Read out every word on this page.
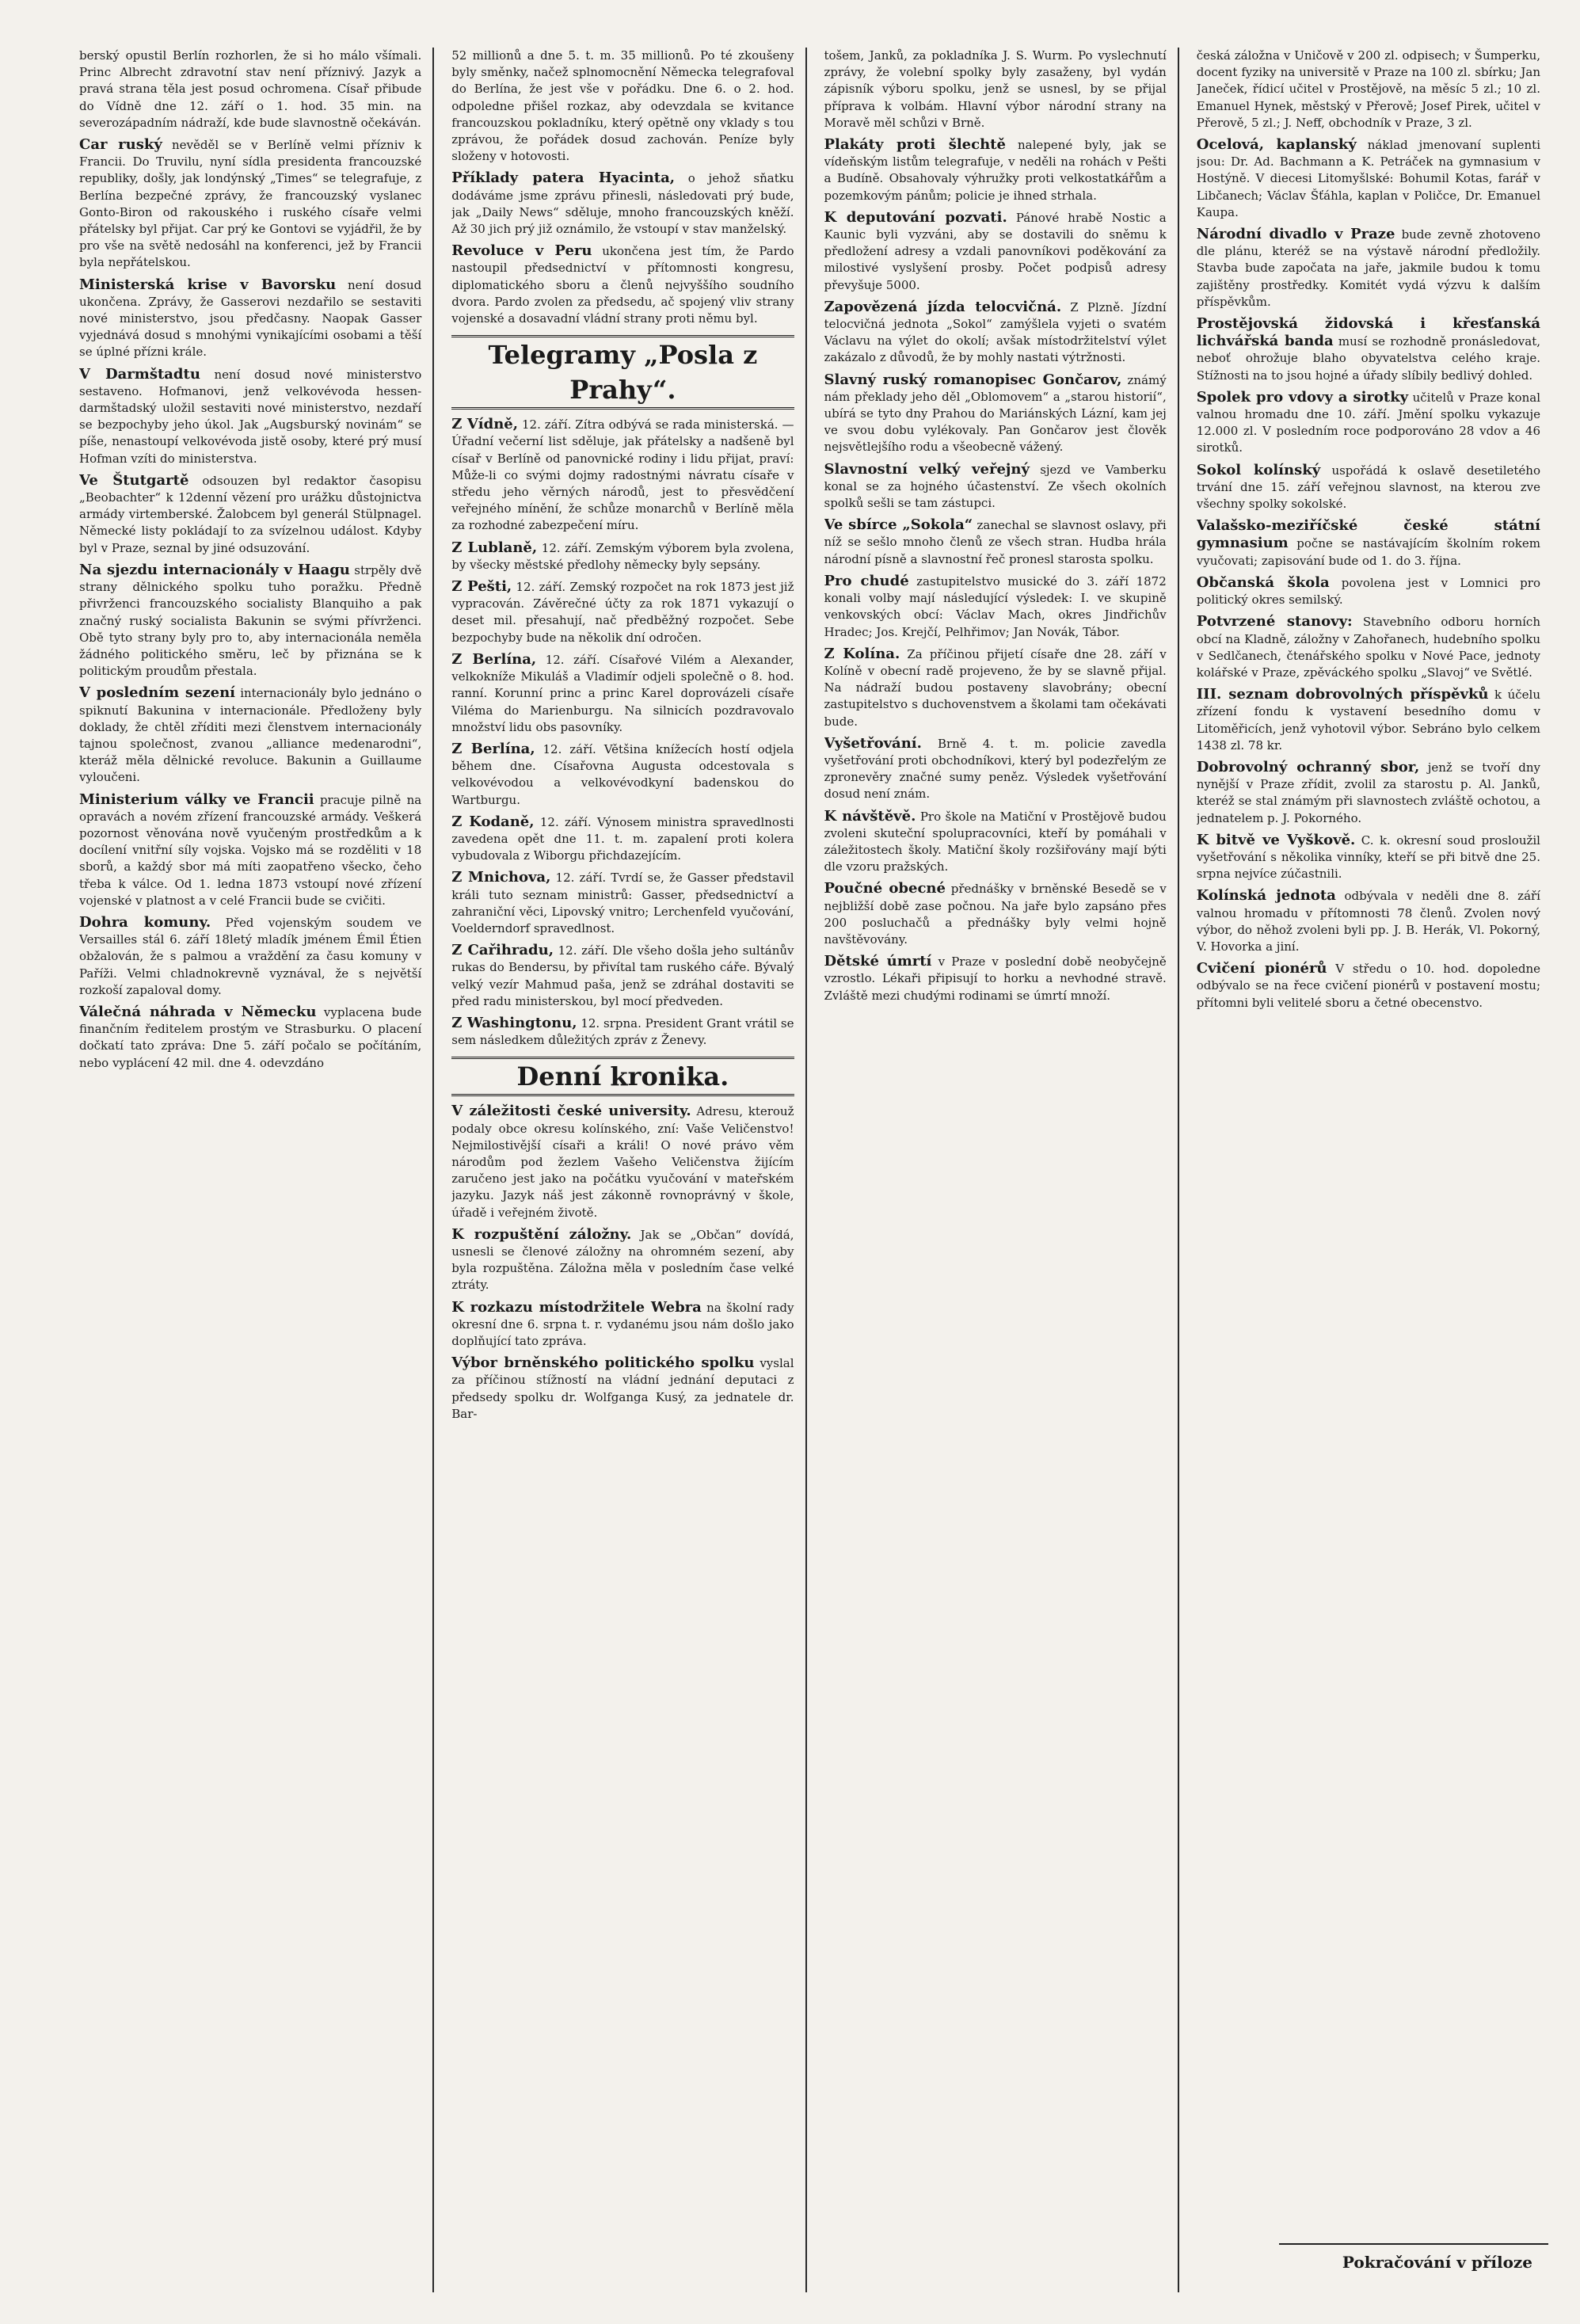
berský opustil Berlín rozhorlen, že si ho málo všímali. Princ Albrecht zdravotní stav není příznivý. Jazyk a pravá strana těla jest posud ochromena. Císař přibude do Vídně dne 12. září o 1. hod. 35 min. na severozápadním nádraží, kde bude slavnostně očekáván.

Car ruský nevěděl se v Berlíně velmi přízniv k Francii. Do Truvilu, nyní sídla presidenta francouzské republiky, došly, jak londýnský „Times“ se telegrafuje, z Berlína bezpečné zprávy, že francouzský vyslanec Gonto-Biron od rakouského i ruského císaře velmi přátelsky byl přijat. Car prý ke Gontovi se vyjádřil, že by pro vše na světě nedosáhl na konferenci, jež by Francii byla nepřátelskou.

Ministerská krise v Bavorsku není dosud ukončena. Zprávy, že Gasserovi nezdařilo se sestaviti nové ministerstvo, jsou předčasny. Naopak Gasser vyjednává dosud s mnohými vynikajícími osobami a těší se úplné přízni krále.

V Darmštadtu není dosud nové ministerstvo sestaveno. Hofmanovi, jenž velkovévoda hessen-darmštadský uložil sestaviti nové ministerstvo, nezdaří se bezpochyby jeho úkol. Jak „Augsburský novinám“ se píše, nenastoupí velkovévoda jistě osoby, které prý musí Hofman vzíti do ministerstva.

Ve Štutgartě odsouzen byl redaktor časopisu „Beobachter“ k 12denní vězení pro urážku důstojnictva armády virtemberské. Žalobcem byl generál Stülpnagel. Německé listy pokládají to za svízelnou událost. Kdyby byl v Praze, seznal by jiné odsuzování.

Na sjezdu internacionály v Haagu strpěly dvě strany dělnického spolku tuho poražku. Předně přivrženci francouzského socialisty Blanquiho a pak značný ruský socialista Bakunin se svými přívrženci. Obě tyto strany byly pro to, aby internacionála neměla žádného politického směru, leč by přiznána se k politickým proudům přestala.

V posledním sezení internacionály bylo jednáno o spiknutí Bakunina v internacionále. Předloženy byly doklady, že chtěl zříditi mezi členstvem internacionály tajnou společnost, zvanou „alliance medenarodni“, kteráž měla dělnické revoluce. Bakunin a Guillaume vyloučeni.

Ministerium války ve Francii pracuje pilně na opravách a novém zřízení francouzské armády. Veškerá pozornost věnována nově vyučeným prostředkům a k docílení vnitřní síly vojska. Vojsko má se rozděliti v 18 sborů, a každý sbor má míti zaopatřeno všecko, čeho třeba k válce. Od 1. ledna 1873 vstoupí nové zřízení vojenské v platnost a v celé Francii bude se cvičiti.

Dohra komuny. Před vojenským soudem ve Versailles stál 6. září 18letý mladík jménem Émil Étien obžalován, že s palmou a vraždění za času komuny v Paříži. Velmi chladnokrevně vyznával, že s největší rozkoší zapaloval domy.

Válečná náhrada v Německu vyplacena bude finančním ředitelem prostým ve Strasburku. O placení dočkatí tato zpráva: Dne 5. září počalo se počítáním, nebo vyplácení 42 mil. dne 4. odevzdáno

52 millionů a dne 5. t. m. 35 millionů. Po té zkoušeny byly směnky, načež splnomocnění Německa telegrafoval do Berlína, že jest vše v pořádku. Dne 6. o 2. hod. odpoledne přišel rozkaz, aby odevzdala se kvitance francouzskou pokladníku, který opětně ony vklady s tou zprávou, že pořádek dosud zachován. Peníze byly složeny v hotovosti.

Příklady patera Hyacinta, o jehož sňatku dodáváme jsme zprávu přinesli, následovati prý bude, jak „Daily News“ sděluje, mnoho francouzských kněží. Až 30 jich prý již oznámilo, že vstoupí v stav manželský.

Revoluce v Peru ukončena jest tím, že Pardo nastoupil předsednictví v přítomnosti kongresu, diplomatického sboru a členů nejvyššího soudního dvora. Pardo zvolen za předsedu, ač spojený vliv strany vojenské a dosavadní vládní strany proti němu byl.

Telegramy „Posla z Prahy“.

Z Vídně, 12. září. Zítra odbývá se rada ministerská. — Úřadní večerní list sděluje, jak přátelsky a nadšeně byl císař v Berlíně od panovnické rodiny i lidu přijat, praví: Může-li co svými dojmy radostnými návratu císaře v středu jeho věrných národů, jest to přesvědčení veřejného mínění, že schůze monarchů v Berlíně měla za rozhodné zabezpečení míru.

Z Lublaně, 12. září. Zemským výborem byla zvolena, by všecky městské předlohy německy byly sepsány.

Z Pešti, 12. září. Zemský rozpočet na rok 1873 jest již vypracován. Závěrečné účty za rok 1871 vykazují o deset mil. přesahují, nač předběžný rozpočet. Sebe bezpochyby bude na několik dní odročen.

Z Berlína, 12. září. Císařové Vilém a Alexander, velkokníže Mikuláš a Vladimír odjeli společně o 8. hod. ranní. Korunní princ a princ Karel doprovázeli císaře Viléma do Marienburgu. Na silnicích pozdravovalo množství lidu obs pasovníky.

Z Berlína, 12. září. Většina knížecích hostí odjela během dne. Císařovna Augusta odcestovala s velkovévodou a velkovévodkyní badenskou do Wartburgu.

Z Kodaně, 12. září. Výnosem ministra spravedlnosti zavedena opět dne 11. t. m. zapalení proti kolera vybudovala z Wiborgu přichdazejícím.

Z Mnichova, 12. září. Tvrdí se, že Gasser představil králi tuto seznam ministrů: Gasser, předsednictví a zahraniční věci, Lipovský vnitro; Lerchenfeld vyučování, Voelderndorf spravedlnost.

Z Cařihradu, 12. září. Dle všeho došla jeho sultánův rukas do Bendersu, by přivítal tam ruského cáře. Bývalý velký vezír Mahmud paša, jenž se zdráhal dostaviti se před radu ministerskou, byl mocí předveden.

Z Washingtonu, 12. srpna. President Grant vrátil se sem následkem důležitých zpráv z Ženevy.

Denní kronika.

V záležitosti české university. Adresu, kterouž podaly obce okresu kolínského, zní: Vaše Veličenstvo! Nejmilostivější císaři a králi! O nové právo věm národům pod žezlem Vašeho Veličenstva žijícím zaručeno jest jako na počátku vyučování v mateřském jazyku. Jazyk náš jest zákonně rovnoprávný v škole, úřadě i veřejném životě.

K rozpuštění záložny. Jak se „Občan“ dovídá, usnesli se členové záložny na ohromném sezení, aby byla rozpuštěna. Záložna měla v posledním čase velké ztráty.

K rozkazu místodržitele Webra na školní rady okresní dne 6. srpna t. r. vydanému jsou nám došlo jako doplňující tato zpráva.

Výbor brněnského politického spolku vyslal za příčinou stížností na vládní jednání deputaci z předsedy spolku dr. Wolfganga Kusý, za jednatele dr. Bar-

tošem, Janků, za pokladníka J. S. Wurm. Po vyslechnutí zprávy, že volební spolky byly zasaženy, byl vydán zápisník výboru spolku, jenž se usnesl, by se přijal příprava k volbám. Hlavní výbor národní strany na Moravě měl schůzi v Brně.

Plakáty proti šlechtě nalepené byly, jak se vídeňským listům telegrafuje, v neděli na rohách v Pešti a Budíně. Obsahovaly výhružky proti velkostatkářům a pozemkovým pánům; policie je ihned strhala.

K deputování pozvati. Pánové hrabě Nostic a Kaunic byli vyzváni, aby se dostavili do sněmu k předložení adresy a vzdali panovníkovi poděkování za milostivé vyslyšení prosby. Počet podpisů adresy převyšuje 5000.

Zapovězená jízda telocvičná. Z Plzně. Jízdní telocvičná jednota „Sokol“ zamýšlela vyjeti o svatém Václavu na výlet do okolí; avšak místodržitelství výlet zakázalo z důvodů, že by mohly nastati výtržnosti.

Slavný ruský romanopisec Gončarov, známý nám překlady jeho děl „Oblomovem“ a „starou historií“, ubírá se tyto dny Prahou do Mariánských Lázní, kam jej ve svou dobu vylékovaly. Pan Gončarov jest člověk nejsvětlejšího rodu a všeobecně vážený.

Slavnostní velký veřejný sjezd ve Vamberku konal se za hojného účastenství. Ze všech okolních spolků sešli se tam zástupci.

Ve sbírce „Sokola“ zanechal se slavnost oslavy, při níž se sešlo mnoho členů ze všech stran. Hudba hrála národní písně a slavnostní řeč pronesl starosta spolku.

Pro chudé zastupitelstvo musické do 3. září 1872 konali volby mají následující výsledek: I. ve skupině venkovských obcí: Václav Mach, okres Jindřichův Hradec; Jos. Krejčí, Pelhřimov; Jan Novák, Tábor.

Z Kolína. Za příčinou přijetí císaře dne 28. září v Kolíně v obecní radě projeveno, že by se slavně přijal. Na nádraží budou postaveny slavobrány; obecní zastupitelstvo s duchovenstvem a školami tam očekávati bude.

Vyšetřování. Brně 4. t. m. policie zavedla vyšetřování proti obchodníkovi, který byl podezřelým ze zpronevěry značné sumy peněz. Výsledek vyšetřování dosud není znám.

K návštěvě. Pro škole na Matiční v Prostějově budou zvoleni skuteční spolupracovníci, kteří by pomáhali v záležitostech školy. Matiční školy rozšiřovány mají býti dle vzoru pražských.

Poučné obecné přednášky v brněnské Besedě se v nejbližší době zase počnou. Na jaře bylo zapsáno přes 200 posluchačů a přednášky byly velmi hojně navštěvovány.

Dětské úmrtí v Praze v poslední době neobyčejně vzrostlo. Lékaři připisují to horku a nevhodné stravě. Zvláště mezi chudými rodinami se úmrtí množí.

česká záložna v Uničově v 200 zl. odpisech; v Šumperku, docent fyziky na universitě v Praze na 100 zl. sbírku; Jan Janeček, řídicí učitel v Prostějově, na měsíc 5 zl.; 10 zl. Emanuel Hynek, městský v Přerově; Josef Pirek, učitel v Přerově, 5 zl.; J. Neff, obchodník v Praze, 3 zl.

Ocelová, kaplanský náklad jmenovaní suplenti jsou: Dr. Ad. Bachmann a K. Petráček na gymnasium v Hostýně. V diecesi Litomyšlské: Bohumil Kotas, farář v Libčanech; Václav Šťáhla, kaplan v Poličce, Dr. Emanuel Kaupa.

Národní divadlo v Praze bude zevně zhotoveno dle plánu, kteréž se na výstavě národní předložily. Stavba bude započata na jaře, jakmile budou k tomu zajištěny prostředky. Komitét vydá výzvu k dalším příspěvkům.

Prostějovská židovská i křesťanská lichvářská banda musí se rozhodně pronásledovat, neboť ohrožuje blaho obyvatelstva celého kraje. Stížnosti na to jsou hojné a úřady slíbily bedlivý dohled.

Spolek pro vdovy a sirotky učitelů v Praze konal valnou hromadu dne 10. září. Jmění spolku vykazuje 12.000 zl. V posledním roce podporováno 28 vdov a 46 sirotků.

Sokol kolínský uspořádá k oslavě desetiletého trvání dne 15. září veřejnou slavnost, na kterou zve všechny spolky sokolské.

Valašsko-meziříčské české státní gymnasium počne se nastávajícím školním rokem vyučovati; zapisování bude od 1. do 3. října.

Občanská škola povolena jest v Lomnici pro politický okres semilský.

Potvrzené stanovy: Stavebního odboru horních obcí na Kladně, záložny v Zahořanech, hudebního spolku v Sedlčanech, čtenářského spolku v Nové Pace, jednoty kolářské v Praze, zpěváckého spolku „Slavoj“ ve Světlé.

III. seznam dobrovolných příspěvků k účelu zřízení fondu k vystavení besedního domu v Litoměřicích, jenž vyhotovil výbor. Sebráno bylo celkem 1438 zl. 78 kr.

Dobrovolný ochranný sbor, jenž se tvoří dny nynější v Praze zřídit, zvolil za starostu p. Al. Janků, kteréž se stal známým při slavnostech zvláště ochotou, a jednatelem p. J. Pokorného.

K bitvě ve Vyškově. C. k. okresní soud prosloužil vyšetřování s několika vinníky, kteří se při bitvě dne 25. srpna nejvíce zúčastnili.

Kolínská jednota odbývala v neděli dne 8. září valnou hromadu v přítomnosti 78 členů. Zvolen nový výbor, do něhož zvoleni byli pp. J. B. Herák, Vl. Pokorný, V. Hovorka a jiní.

Cvičení pionérů V středu o 10. hod. dopoledne odbývalo se na řece cvičení pionérů v postavení mostu; přítomni byli velitelé sboru a četné obecenstvo.

Pokračování v příloze
